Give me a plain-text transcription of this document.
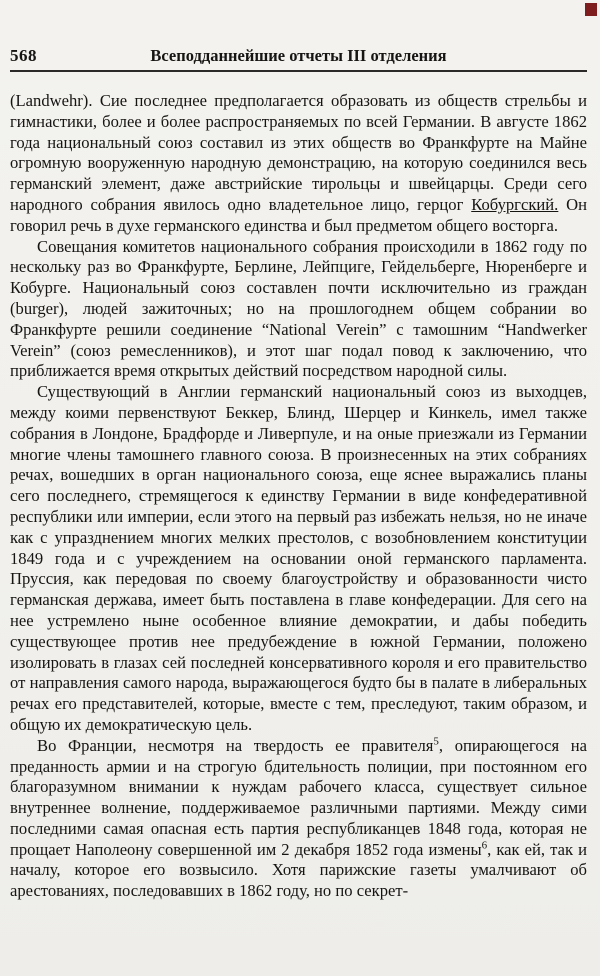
568	Всеподданнейшие отчеты III отделения

(Landwehr). Сие последнее предполагается образовать из обществ стрельбы и гимнастики, более и более распространяемых по всей Германии. В августе 1862 года национальный союз составил из этих обществ во Франкфурте на Майне огромную вооруженную народную демонстрацию, на которую соединился весь германский элемент, даже австрийские тирольцы и швейцарцы. Среди сего народного собрания явилось одно владетельное лицо, герцог Кобургский. Он говорил речь в духе германского единства и был предметом общего восторга.

Совещания комитетов национального собрания происходили в 1862 году по нескольку раз во Франкфурте, Берлине, Лейпциге, Гейдельберге, Нюренберге и Кобурге. Национальный союз составлен почти исключительно из граждан (burger), людей зажиточных; но на прошлогоднем общем собрании во Франкфурте решили соединение “National Verein” с тамошним “Handwerker Verein” (союз ремесленников), и этот шаг подал повод к заключению, что приближается время открытых действий посредством народной силы.

Существующий в Англии германский национальный союз из выходцев, между коими первенствуют Беккер, Блинд, Шерцер и Кинкель, имел также собрания в Лондоне, Брадфорде и Ливерпуле, и на оные приезжали из Германии многие члены тамошнего главного союза. В произнесенных на этих собраниях речах, вошедших в орган национального союза, еще яснее выражались планы сего последнего, стремящегося к единству Германии в виде конфедеративной республики или империи, если этого на первый раз избежать нельзя, но не иначе как с упразднением многих мелких престолов, с возобновлением конституции 1849 года и с учреждением на основании оной германского парламента. Пруссия, как передовая по своему благоустройству и образованности чисто германская держава, имеет быть поставлена в главе конфедерации. Для сего на нее устремлено ныне особенное влияние демократии, и дабы победить существующее против нее предубеждение в южной Германии, положено изолировать в глазах сей последней консервативного короля и его правительство от направления самого народа, выражающегося будто бы в палате в либеральных речах его представителей, которые, вместе с тем, преследуют, таким образом, и общую их демократическую цель.

Во Франции, несмотря на твердость ее правителя$^5$, опирающегося на преданность армии и на строгую бдительность полиции, при постоянном его благоразумном внимании к нуждам рабочего класса, существует сильное внутреннее волнение, поддерживаемое различными партиями. Между сими последними самая опасная есть партия республиканцев 1848 года, которая не прощает Наполеону совершенной им 2 декабря 1852 года измены$^6$, как ей, так и началу, которое его возвысило. Хотя парижские газеты умалчивают об арестованиях, последовавших в 1862 году, но по секрет-
